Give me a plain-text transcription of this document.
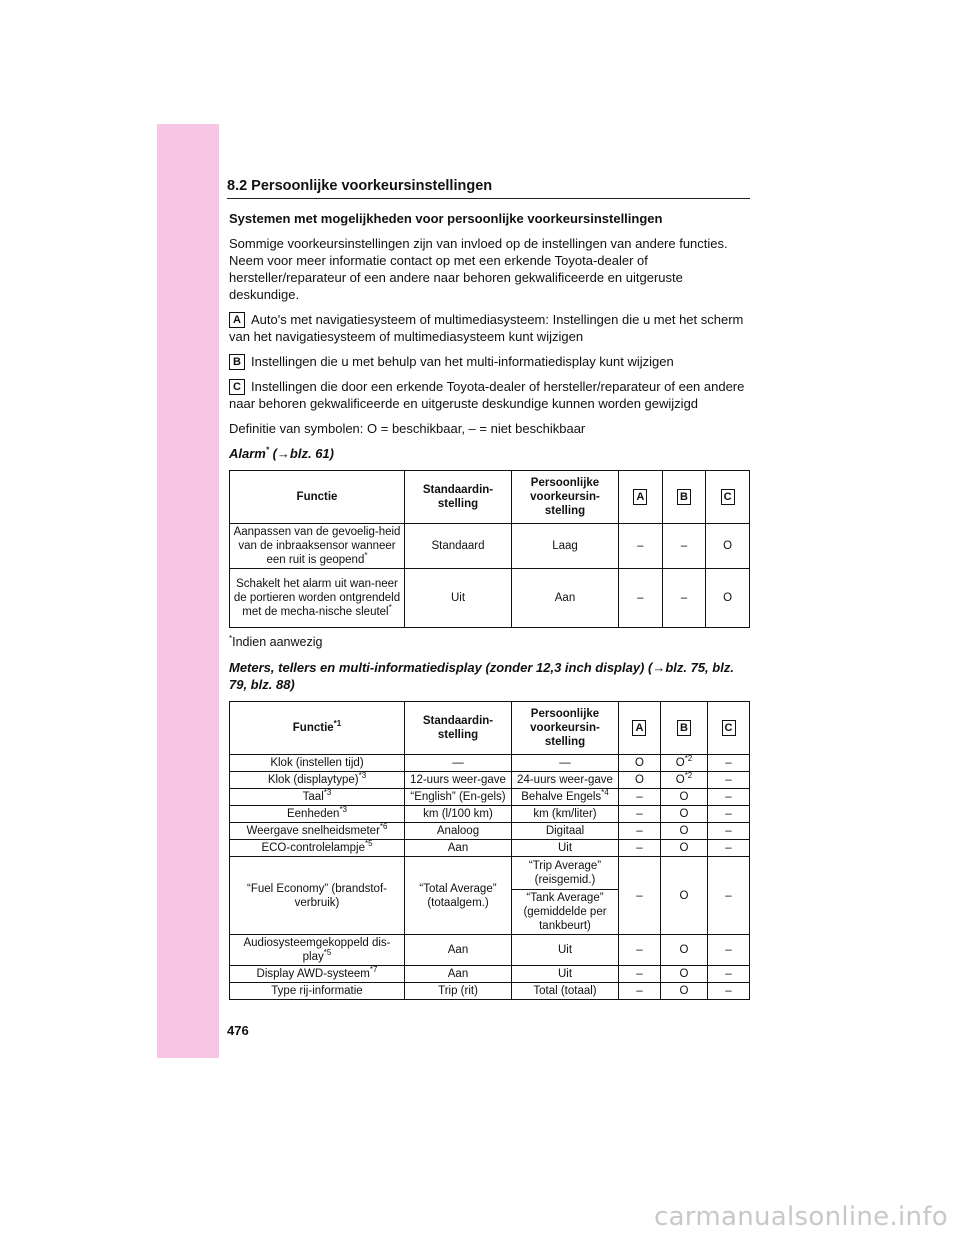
8.2 Persoonlijke voorkeursinstellingen

Systemen met mogelijkheden voor persoonlijke voorkeursinstellingen

Sommige voorkeursinstellingen zijn van invloed op de instellingen van andere functies. Neem voor meer informatie contact op met een erkende Toyota-dealer of hersteller/reparateur of een andere naar behoren gekwalificeerde en uitgeruste deskundige.

A Auto's met navigatiesysteem of multimediasysteem: Instellingen die u met het scherm van het navigatiesysteem of multimediasysteem kunt wijzigen

B Instellingen die u met behulp van het multi-informatiedisplay kunt wijzigen

C Instellingen die door een erkende Toyota-dealer of hersteller/reparateur of een andere naar behoren gekwalificeerde en uitgeruste deskundige kunnen worden gewijzigd

Definitie van symbolen: O = beschikbaar, – = niet beschikbaar

Alarm* (→blz. 61)

Functie	Standaardin-stelling	Persoonlijke voorkeursin-stelling	A	B	C
Aanpassen van de gevoelig-heid van de inbraaksensor wanneer een ruit is geopend*	Standaard	Laag	–	–	O
Schakelt het alarm uit wan-neer de portieren worden ontgrendeld met de mecha-nische sleutel*	Uit	Aan	–	–	O

*Indien aanwezig

Meters, tellers en multi-informatiedisplay (zonder 12,3 inch display) (→blz. 75, blz. 79, blz. 88)

Functie$^{*1}$	Standaardin-stelling	Persoonlijke voorkeursin-stelling	A	B	C
Klok (instellen tijd)	—	—	O	$O^{*2}$	–
Klok (displaytype)$^{*3}$	12-uurs weer-gave	24-uurs weer-gave	O	$O^{*2}$	–
Taal$^{*3}$	“English” (En-gels)	Behalve Engels$^{*4}$	–	O	–
Eenheden$^{*3}$	km (l/100 km)	km (km/liter)	–	O	–
Weergave snelheidsmeter$^{*6}$	Analoog	Digitaal	–	O	–
ECO-controlelampje$^{*5}$	Aan	Uit	–	O	–
“Fuel Economy” (brandstof-verbruik)	“Total Average” (totaalgem.)	“Trip Average” (reisgemid.)	–	O	–
		“Tank Average” (gemiddelde per tankbeurt)			
Audiosysteemgekoppeld dis-play$^{*5}$	Aan	Uit	–	O	–
Display AWD-systeem$^{*7}$	Aan	Uit	–	O	–
Type rij-informatie	Trip (rit)	Total (totaal)	–	O	–
476
carmanualsonline.info
